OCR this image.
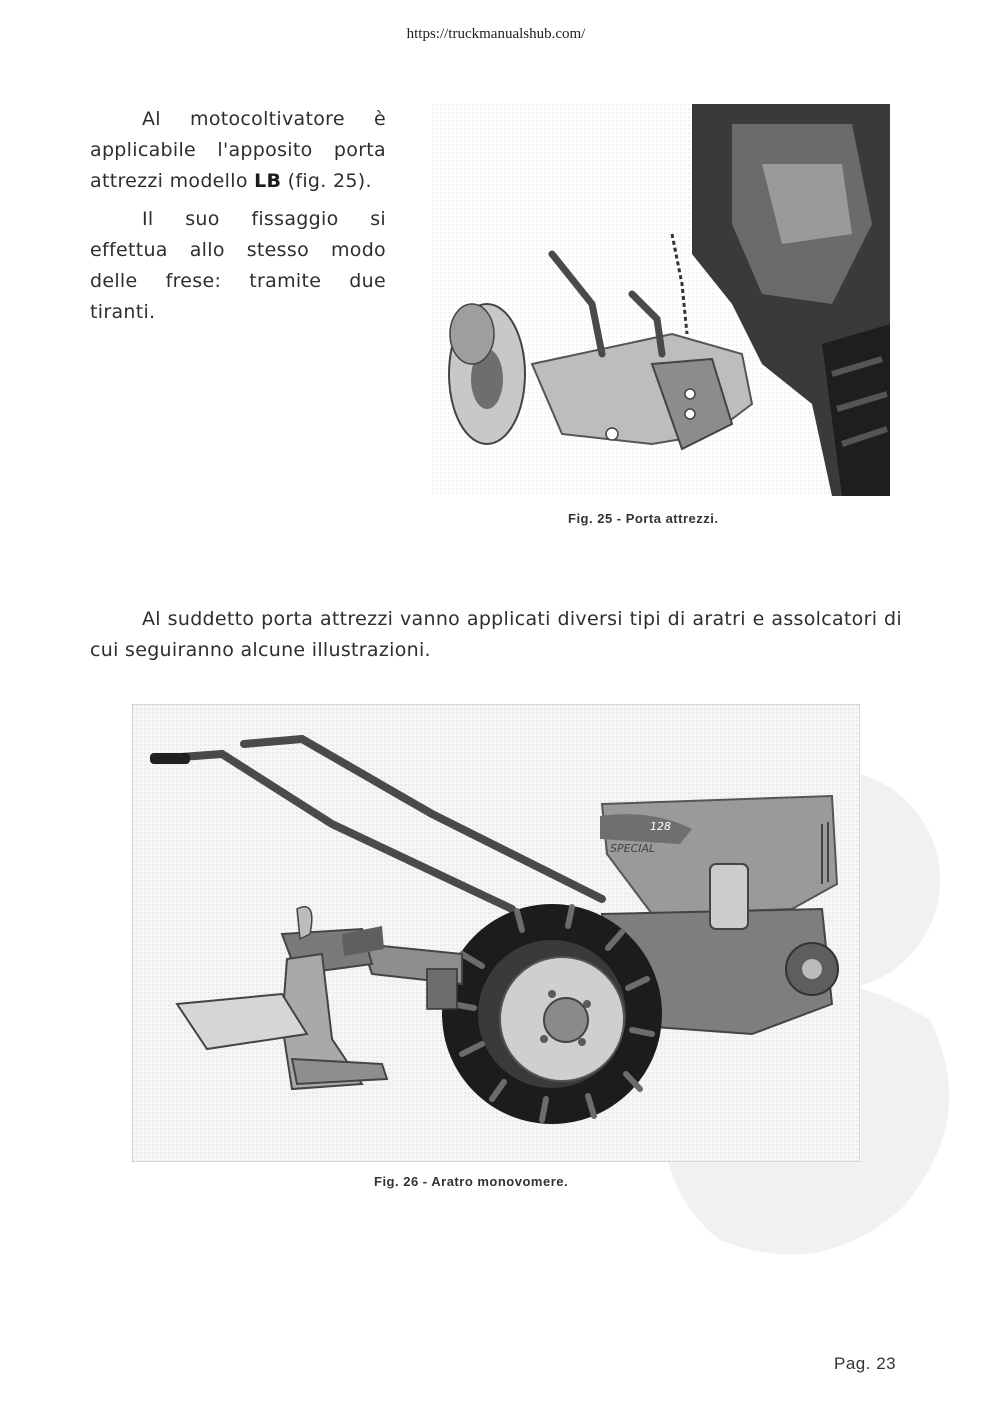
https://truckmanualshub.com/

Al motocoltivatore è applicabile l'apposito porta attrezzi modello LB (fig. 25).

Il suo fissaggio si effettua allo stesso modo delle frese: tramite due tiranti.

Fig. 25 - Porta attrezzi.

Al suddetto porta attrezzi vanno applicati diversi tipi di aratri e assolcatori di cui seguiranno alcune illustrazioni.

128
SPECIAL
Fig. 26 - Aratro monovomere.
Pag. 23
